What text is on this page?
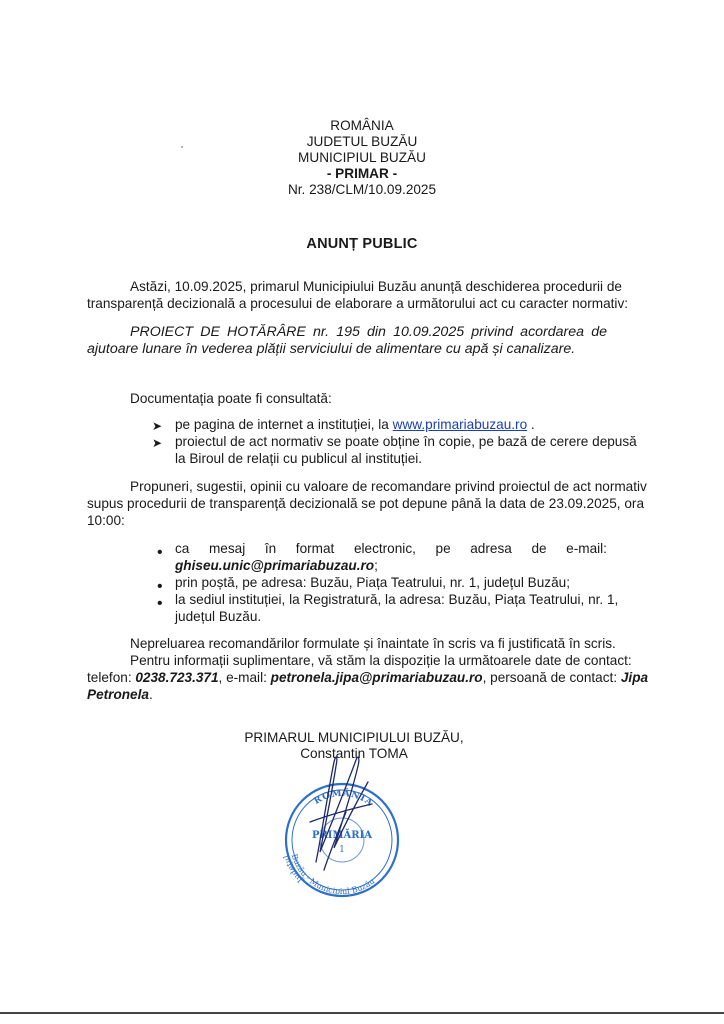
ROMÂNIA
JUDETUL BUZĂU
MUNICIPIUL BUZĂU
- PRIMAR -
Nr. 238/CLM/10.09.2025
ANUNȚ PUBLIC
Astăzi, 10.09.2025, primarul Municipiului Buzău anunță deschiderea procedurii de
transparență decizională a procesului de elaborare a următorului act cu caracter normativ:
PROIECT DE HOTĂRÂRE nr. 195 din 10.09.2025 privind acordarea de
ajutoare lunare în vederea plății serviciului de alimentare cu apă și canalizare.
Documentația poate fi consultată:
➤ pe pagina de internet a instituției, la www.primariabuzau.ro .
➤ proiectul de act normativ se poate obține în copie, pe bază de cerere depusă
la Biroul de relații cu publicul al instituției.
Propuneri, sugestii, opinii cu valoare de recomandare privind proiectul de act normativ
supus procedurii de transparență decizională se pot depune până la data de 23.09.2025, ora
10:00:
• ca mesaj în format electronic, pe adresa de e-mail:
ghiseu.unic@primariabuzau.ro;
• prin poștă, pe adresa: Buzău, Piața Teatrului, nr. 1, județul Buzău;
• la sediul instituției, la Registratură, la adresa: Buzău, Piața Teatrului, nr. 1,
județul Buzău.
Nepreluarea recomandărilor formulate și înaintate în scris va fi justificată în scris.
Pentru informații suplimentare, vă stăm la dispoziție la următoarele date de contact:
telefon: 0238.723.371, e-mail: petronela.jipa@primariabuzau.ro, persoană de contact: Jipa
Petronela.
PRIMARUL MUNICIPIULUI BUZĂU,
Constantin TOMA
ROMÂNIA
Județul
Buzău - Municipiul Buzău
PRIMĂRIA
1
